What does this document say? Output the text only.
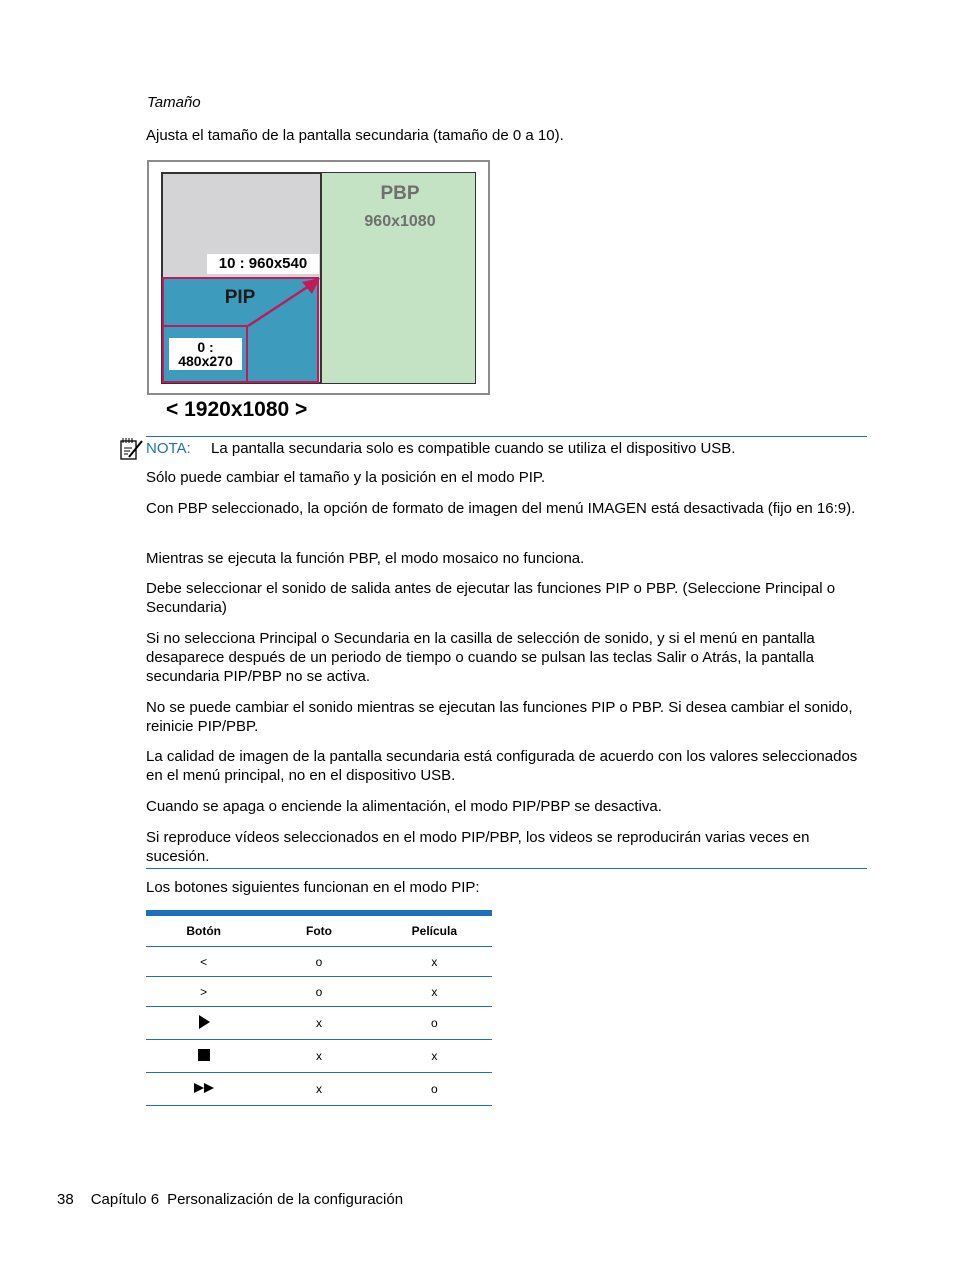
Tamaño
Ajusta el tamaño de la pantalla secundaria (tamaño de 0 a 10).
PBP
960x1080
PIP
10 : 960x540
0 :
480x270
< 1920x1080 >
NOTA: La pantalla secundaria solo es compatible cuando se utiliza el dispositivo USB.
Sólo puede cambiar el tamaño y la posición en el modo PIP.
Con PBP seleccionado, la opción de formato de imagen del menú IMAGEN está desactivada (fijo en 16:9).
Mientras se ejecuta la función PBP, el modo mosaico no funciona.
Debe seleccionar el sonido de salida antes de ejecutar las funciones PIP o PBP. (Seleccione Principal o Secundaria)
Si no selecciona Principal o Secundaria en la casilla de selección de sonido, y si el menú en pantalla desaparece después de un periodo de tiempo o cuando se pulsan las teclas Salir o Atrás, la pantalla secundaria PIP/PBP no se activa.
No se puede cambiar el sonido mientras se ejecutan las funciones PIP o PBP. Si desea cambiar el sonido, reinicie PIP/PBP.
La calidad de imagen de la pantalla secundaria está configurada de acuerdo con los valores seleccionados en el menú principal, no en el dispositivo USB.
Cuando se apaga o enciende la alimentación, el modo PIP/PBP se desactiva.
Si reproduce vídeos seleccionados en el modo PIP/PBP, los videos se reproducirán varias veces en sucesión.
Los botones siguientes funcionan en el modo PIP:
Botón	Foto	Película
<	o	x
>	o	x
	x	o
	x	x
	x	o
38 Capítulo 6 Personalización de la configuración
